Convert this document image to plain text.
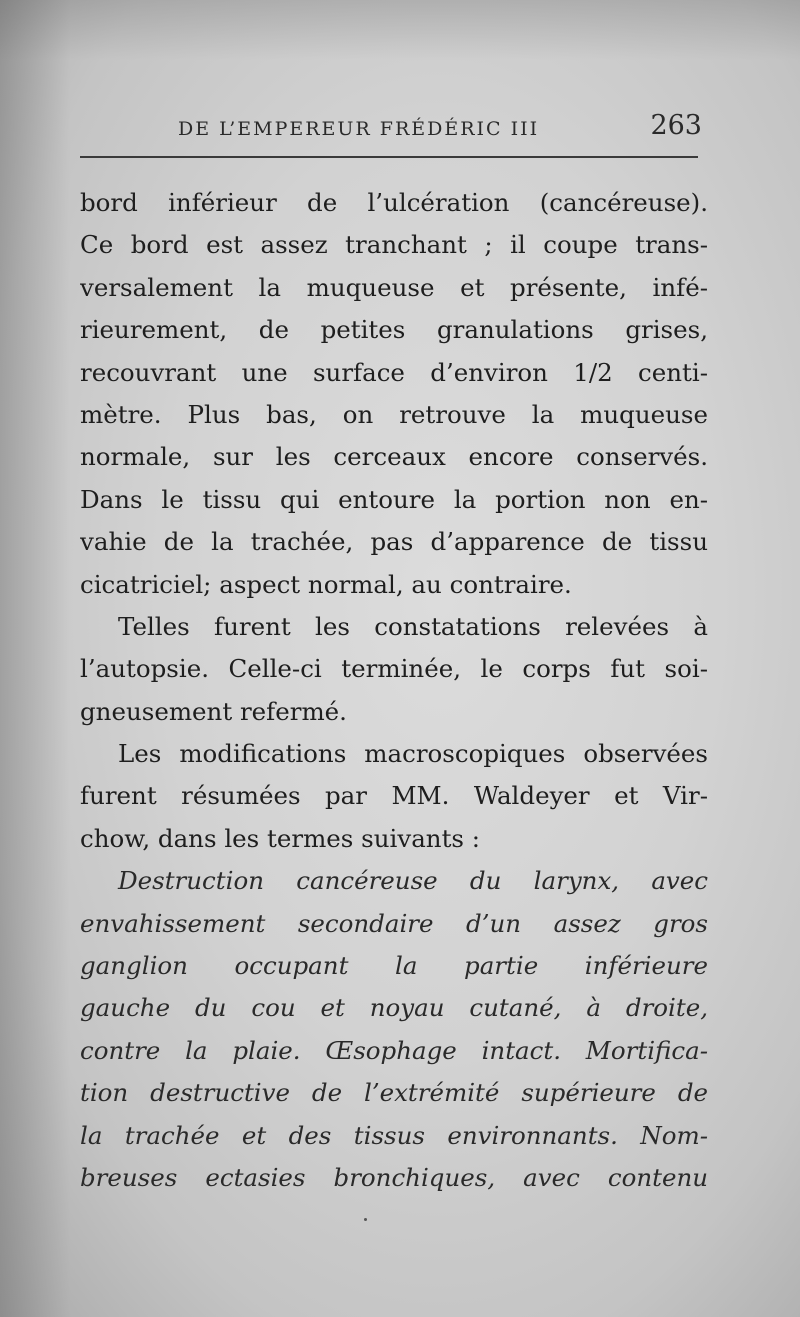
DE L’EMPEREUR FRÉDÉRIC III	263
bord inférieur de l’ulcération (cancéreuse).
Ce bord est assez tranchant ; il coupe trans-
versalement la muqueuse et présente, infé-
rieurement, de petites granulations grises,
recouvrant une surface d’environ 1/2 centi-
mètre. Plus bas, on retrouve la muqueuse
normale, sur les cerceaux encore conservés.
Dans le tissu qui entoure la portion non en-
vahie de la trachée, pas d’apparence de tissu
cicatriciel; aspect normal, au contraire.
Telles furent les constatations relevées à
l’autopsie. Celle-ci terminée, le corps fut soi-
gneusement refermé.
Les modifications macroscopiques observées
furent résumées par MM. Waldeyer et Vir-
chow, dans les termes suivants :
Destruction cancéreuse du larynx, avec
envahissement secondaire d’un assez gros
ganglion occupant la partie inférieure
gauche du cou et noyau cutané, à droite,
contre la plaie. Œsophage intact. Mortifica-
tion destructive de l’extrémité supérieure de
la trachée et des tissus environnants. Nom-
breuses ectasies bronchiques, avec contenu
